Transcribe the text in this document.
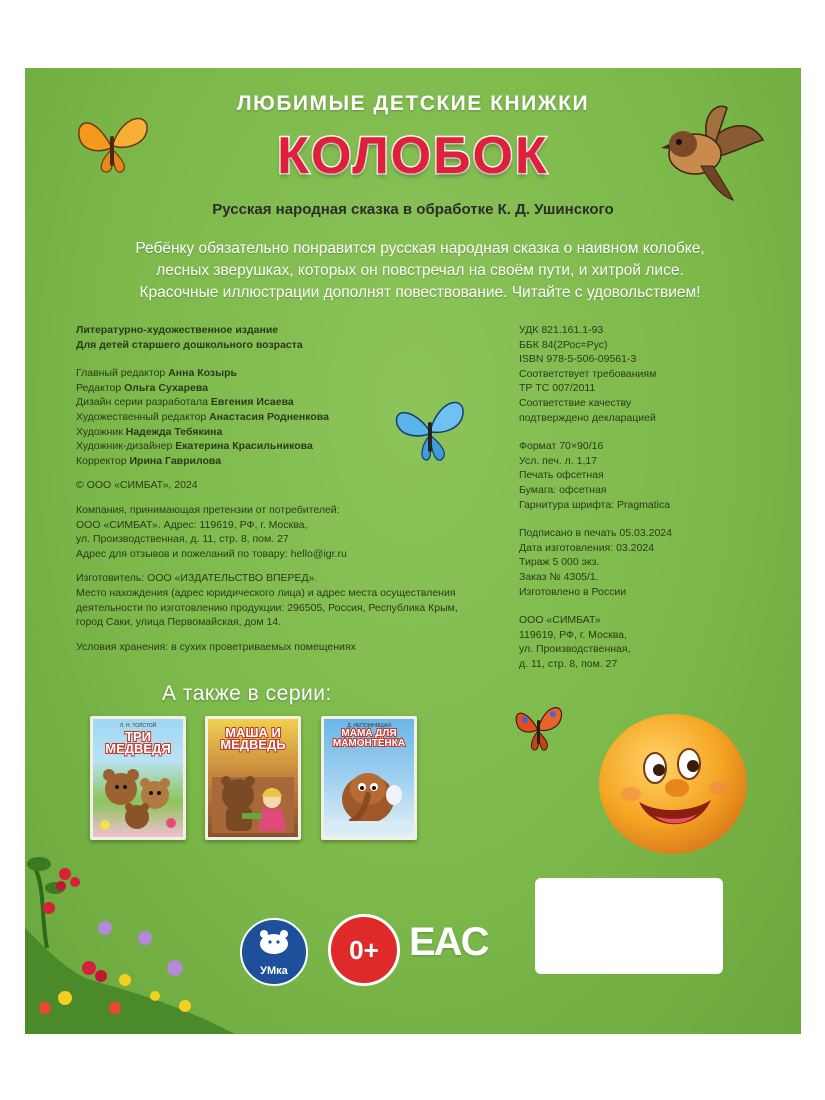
ЛЮБИМЫЕ ДЕТСКИЕ КНИЖКИ
КОЛОБОК
Русская народная сказка в обработке К. Д. Ушинского
Ребёнку обязательно понравится русская народная сказка о наивном колобке,
лесных зверушках, которых он повстречал на своём пути, и хитрой лисе.
Красочные иллюстрации дополнят повествование. Читайте с удовольствием!
Литературно-художественное издание
Для детей старшего дошкольного возраста
Главный редактор Анна Козырь
Редактор Ольга Сухарева
Дизайн серии разработала Евгения Исаева
Художественный редактор Анастасия Родненкова
Художник Надежда Тебякина
Художник-дизайнер Екатерина Красильникова
Корректор Ирина Гаврилова
© ООО «СИМБАТ», 2024
Компания, принимающая претензии от потребителей:
ООО «СИМБАТ». Адрес: 119619, РФ, г. Москва,
ул. Производственная, д. 11, стр. 8, пом. 27
Адрес для отзывов и пожеланий по товару: hello@igr.ru
Изготовитель: ООО «ИЗДАТЕЛЬСТВО ВПЕРЕД».
Место нахождения (адрес юридического лица) и адрес места осуществления
деятельности по изготовлению продукции: 296505, Россия, Республика Крым,
город Саки, улица Первомайская, дом 14.
Условия хранения: в сухих проветриваемых помещениях
УДК 821.161.1-93
ББК 84(2Рос=Рус)
ISBN 978-5-506-09561-3
Соответствует требованиям
ТР ТС 007/2011
Соответствие качеству
подтверждено декларацией
Формат 70×90/16
Усл. печ. л. 1,17
Печать офсетная
Бумага: офсетная
Гарнитура шрифта: Pragmatica
Подписано в печать 05.03.2024
Дата изготовления: 03.2024
Тираж 5 000 экз.
Заказ № 4305/1.
Изготовлено в России
ООО «СИМБАТ»
119619, РФ, г. Москва,
ул. Производственная,
д. 11, стр. 8, пом. 27
А также в серии:
Л. Н. ТОЛСТОЙ
ТРИ МЕДВЕДЯ
МАША И МЕДВЕДЬ
Д. НЕПОМНЯЩАЯ
МАМА ДЛЯ МАМОНТЁНКА
УМка
0+ EAC
